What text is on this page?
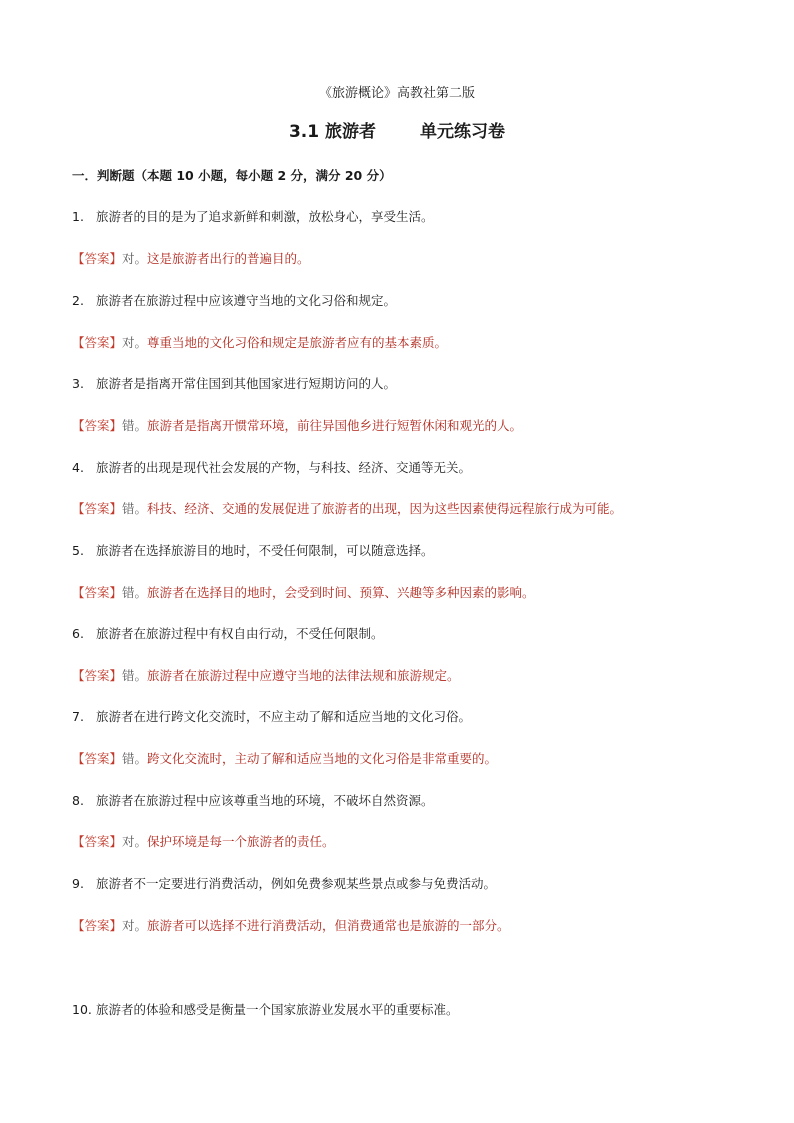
《旅游概论》高教社第二版
3.1 旅游者	单元练习卷
一．判断题（本题 10 小题，每小题 2 分，满分 20 分）
1. 旅游者的目的是为了追求新鲜和刺激，放松身心，享受生活。
【答案】对。这是旅游者出行的普遍目的。
2. 旅游者在旅游过程中应该遵守当地的文化习俗和规定。
【答案】对。尊重当地的文化习俗和规定是旅游者应有的基本素质。
3. 旅游者是指离开常住国到其他国家进行短期访问的人。
【答案】错。旅游者是指离开惯常环境，前往异国他乡进行短暂休闲和观光的人。
4. 旅游者的出现是现代社会发展的产物，与科技、经济、交通等无关。
【答案】错。科技、经济、交通的发展促进了旅游者的出现，因为这些因素使得远程旅行成为可能。
5. 旅游者在选择旅游目的地时，不受任何限制，可以随意选择。
【答案】错。旅游者在选择目的地时，会受到时间、预算、兴趣等多种因素的影响。
6. 旅游者在旅游过程中有权自由行动，不受任何限制。
【答案】错。旅游者在旅游过程中应遵守当地的法律法规和旅游规定。
7. 旅游者在进行跨文化交流时，不应主动了解和适应当地的文化习俗。
【答案】错。跨文化交流时，主动了解和适应当地的文化习俗是非常重要的。
8. 旅游者在旅游过程中应该尊重当地的环境，不破坏自然资源。
【答案】对。保护环境是每一个旅游者的责任。
9. 旅游者不一定要进行消费活动，例如免费参观某些景点或参与免费活动。
【答案】对。旅游者可以选择不进行消费活动，但消费通常也是旅游的一部分。
10. 旅游者的体验和感受是衡量一个国家旅游业发展水平的重要标准。
